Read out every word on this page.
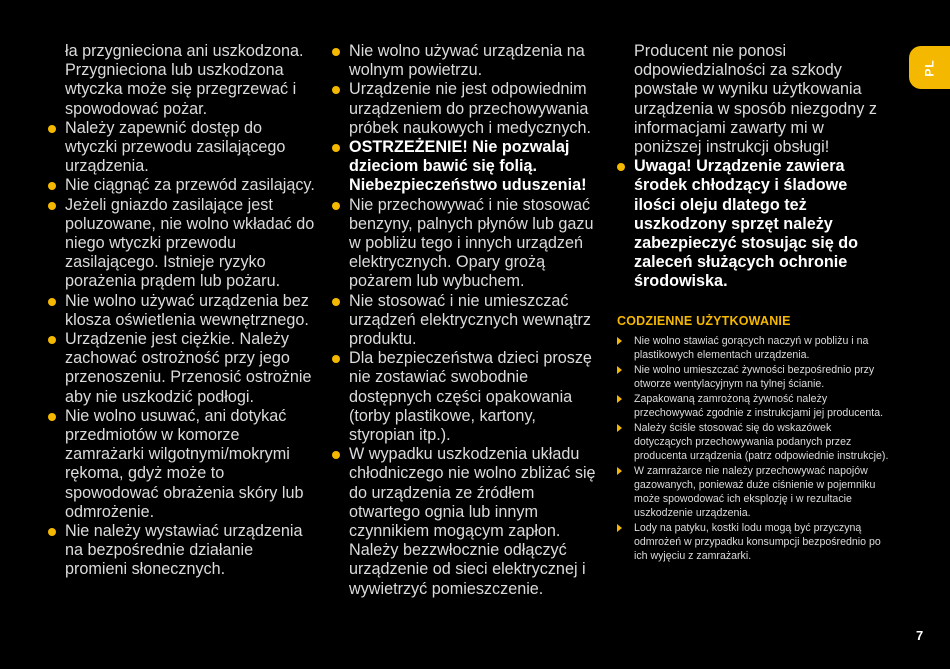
PL

ła przygnieciona ani uszkodzona. Przygnieciona lub uszkodzona wtyczka może się przegrzewać i spowodować pożar.

Należy zapewnić dostęp do wtyczki przewodu zasilającego urządzenia.
Nie ciągnąć za przewód zasilający.
Jeżeli gniazdo zasilające jest poluzowane, nie wolno wkładać do niego wtyczki przewodu zasilającego. Istnieje ryzyko porażenia prądem lub pożaru.
Nie wolno używać urządzenia bez klosza oświetlenia wewnętrznego.
Urządzenie jest ciężkie. Należy zachować ostrożność przy jego przenoszeniu. Przenosić ostrożnie aby nie uszkodzić podłogi.
Nie wolno usuwać, ani dotykać przedmiotów w komorze zamrażarki wilgotnymi/mokrymi rękoma, gdyż może to spowodować obrażenia skóry lub odmrożenie.
Nie należy wystawiać urządzenia na bezpośrednie działanie promieni słonecznych.
Nie wolno używać urządzenia na wolnym powietrzu.
Urządzenie nie jest odpowiednim urządzeniem do przechowywania próbek naukowych i medycznych.
OSTRZEŻENIE! Nie pozwalaj dzieciom bawić się folią. Niebezpieczeństwo uduszenia!
Nie przechowywać i nie stosować benzyny, palnych płynów lub gazu w pobliżu tego i innych urządzeń elektrycznych. Opary grożą pożarem lub wybuchem.
Nie stosować i nie umieszczać urządzeń elektrycznych wewnątrz produktu.
Dla bezpieczeństwa dzieci proszę nie zostawiać swobodnie dostępnych części opakowania (torby plastikowe, kartony, styropian itp.).
W wypadku uszkodzenia układu chłodniczego nie wolno zbliżać się do urządzenia ze źródłem otwartego ognia lub innym czynnikiem mogącym zapłon. Należy bezzwłocznie odłączyć urządzenie od sieci elektrycznej i wywietrzyć pomieszczenie.

Producent nie ponosi odpowiedzialności za szkody powstałe w wyniku użytkowania urządzenia w sposób niezgodny z informacjami zawarty mi w poniższej instrukcji obsługi!

Uwaga! Urządzenie zawiera środek chłodzący i śladowe ilości oleju dlatego też uszkodzony sprzęt należy zabezpieczyć stosując się do zaleceń służących ochronie środowiska.
CODZIENNE UŻYTKOWANIE
Nie wolno stawiać gorących naczyń w pobliżu i na plastikowych elementach urządzenia.
Nie wolno umieszczać żywności bezpośrednio przy otworze wentylacyjnym na tylnej ścianie.
Zapakowaną zamrożoną żywność należy przechowywać zgodnie z instrukcjami jej producenta.
Należy ściśle stosować się do wskazówek dotyczących przechowywania podanych przez producenta urządzenia (patrz odpowiednie instrukcje).
W zamrażarce nie należy przechowywać napojów gazowanych, ponieważ duże ciśnienie w pojemniku może spowodować ich eksplozję i w rezultacie uszkodzenie urządzenia.
Lody na patyku, kostki lodu mogą być przyczyną odmrożeń w przypadku konsumpcji bezpośrednio po ich wyjęciu z zamrażarki.
7
